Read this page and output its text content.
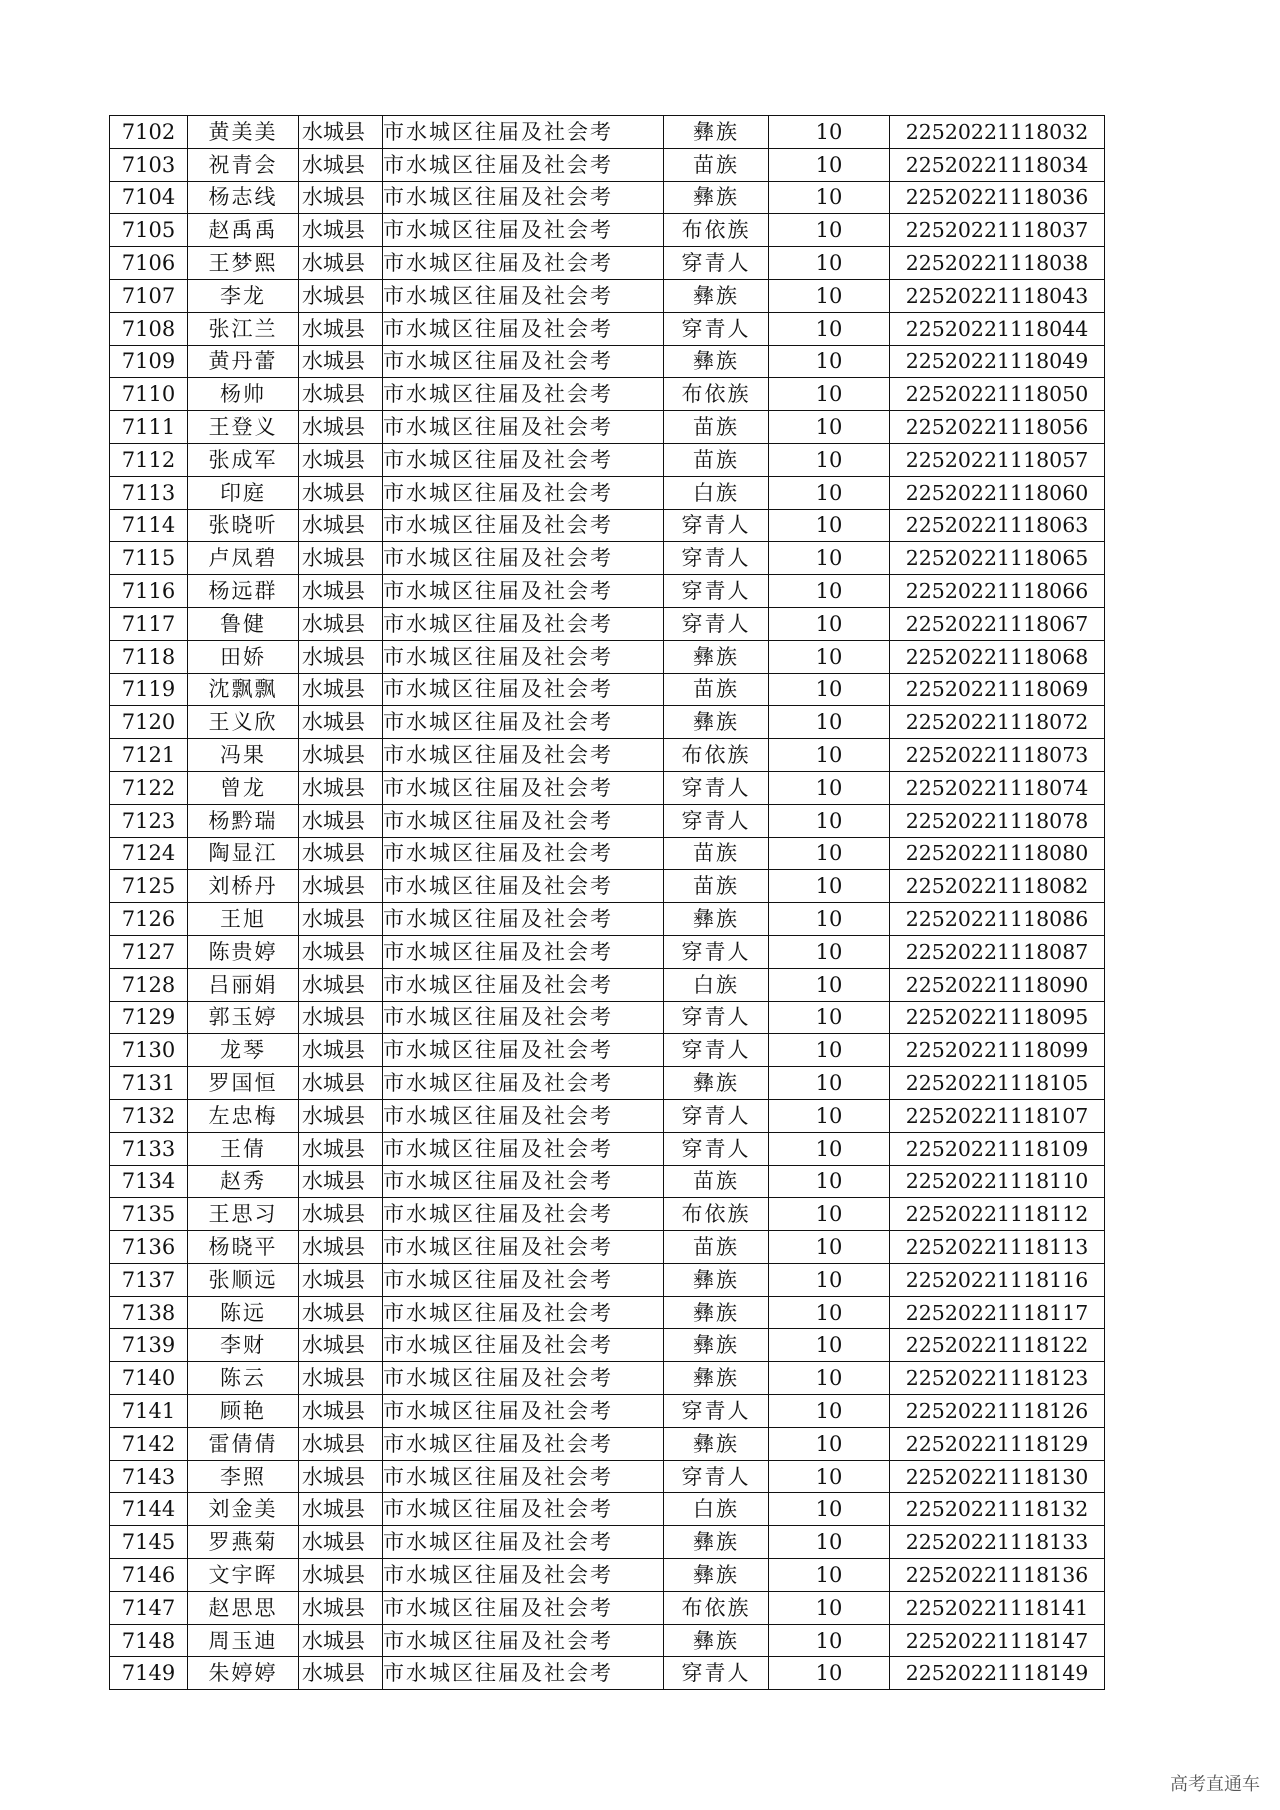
7102	黄美美	水城县	市水城区往届及社会考	彝族	10	22520221118032
7103	祝青会	水城县	市水城区往届及社会考	苗族	10	22520221118034
7104	杨志线	水城县	市水城区往届及社会考	彝族	10	22520221118036
7105	赵禹禹	水城县	市水城区往届及社会考	布依族	10	22520221118037
7106	王梦熙	水城县	市水城区往届及社会考	穿青人	10	22520221118038
7107	李龙	水城县	市水城区往届及社会考	彝族	10	22520221118043
7108	张江兰	水城县	市水城区往届及社会考	穿青人	10	22520221118044
7109	黄丹蕾	水城县	市水城区往届及社会考	彝族	10	22520221118049
7110	杨帅	水城县	市水城区往届及社会考	布依族	10	22520221118050
7111	王登义	水城县	市水城区往届及社会考	苗族	10	22520221118056
7112	张成军	水城县	市水城区往届及社会考	苗族	10	22520221118057
7113	印庭	水城县	市水城区往届及社会考	白族	10	22520221118060
7114	张晓听	水城县	市水城区往届及社会考	穿青人	10	22520221118063
7115	卢凤碧	水城县	市水城区往届及社会考	穿青人	10	22520221118065
7116	杨远群	水城县	市水城区往届及社会考	穿青人	10	22520221118066
7117	鲁健	水城县	市水城区往届及社会考	穿青人	10	22520221118067
7118	田娇	水城县	市水城区往届及社会考	彝族	10	22520221118068
7119	沈飘飘	水城县	市水城区往届及社会考	苗族	10	22520221118069
7120	王义欣	水城县	市水城区往届及社会考	彝族	10	22520221118072
7121	冯果	水城县	市水城区往届及社会考	布依族	10	22520221118073
7122	曾龙	水城县	市水城区往届及社会考	穿青人	10	22520221118074
7123	杨黔瑞	水城县	市水城区往届及社会考	穿青人	10	22520221118078
7124	陶显江	水城县	市水城区往届及社会考	苗族	10	22520221118080
7125	刘桥丹	水城县	市水城区往届及社会考	苗族	10	22520221118082
7126	王旭	水城县	市水城区往届及社会考	彝族	10	22520221118086
7127	陈贵婷	水城县	市水城区往届及社会考	穿青人	10	22520221118087
7128	吕丽娟	水城县	市水城区往届及社会考	白族	10	22520221118090
7129	郭玉婷	水城县	市水城区往届及社会考	穿青人	10	22520221118095
7130	龙琴	水城县	市水城区往届及社会考	穿青人	10	22520221118099
7131	罗国恒	水城县	市水城区往届及社会考	彝族	10	22520221118105
7132	左忠梅	水城县	市水城区往届及社会考	穿青人	10	22520221118107
7133	王倩	水城县	市水城区往届及社会考	穿青人	10	22520221118109
7134	赵秀	水城县	市水城区往届及社会考	苗族	10	22520221118110
7135	王思习	水城县	市水城区往届及社会考	布依族	10	22520221118112
7136	杨晓平	水城县	市水城区往届及社会考	苗族	10	22520221118113
7137	张顺远	水城县	市水城区往届及社会考	彝族	10	22520221118116
7138	陈远	水城县	市水城区往届及社会考	彝族	10	22520221118117
7139	李财	水城县	市水城区往届及社会考	彝族	10	22520221118122
7140	陈云	水城县	市水城区往届及社会考	彝族	10	22520221118123
7141	顾艳	水城县	市水城区往届及社会考	穿青人	10	22520221118126
7142	雷倩倩	水城县	市水城区往届及社会考	彝族	10	22520221118129
7143	李照	水城县	市水城区往届及社会考	穿青人	10	22520221118130
7144	刘金美	水城县	市水城区往届及社会考	白族	10	22520221118132
7145	罗燕菊	水城县	市水城区往届及社会考	彝族	10	22520221118133
7146	文宇晖	水城县	市水城区往届及社会考	彝族	10	22520221118136
7147	赵思思	水城县	市水城区往届及社会考	布依族	10	22520221118141
7148	周玉迪	水城县	市水城区往届及社会考	彝族	10	22520221118147
7149	朱婷婷	水城县	市水城区往届及社会考	穿青人	10	22520221118149
高考直通车
